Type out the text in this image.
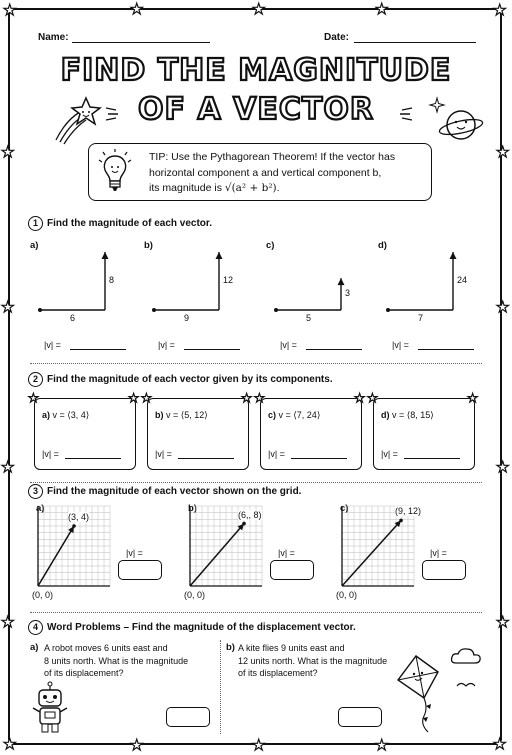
★	★	★	★	★
★
★
★
★
★
★
★
★
★	★	★	★	★
Name:	Date:
FIND THE MAGNITUDE
OF A VECTOR
TIP: Use the Pythagorean Theorem! If the vector has
horizontal component a and vertical component b,
its magnitude is √(a² + b²).
1 Find the magnitude of each vector.
a)
6
8
|v| =
b)
9
12
|v| =
c)
5
3
|v| =
d)
7
24
|v| =
2 Find the magnitude of each vector given by its components.
★	★
a) v = ⟨3, 4⟩
|v| =
★	★
b) v = ⟨5, 12⟩
|v| =
★	★
c) v = ⟨7, 24⟩
|v| =
★	★
d) v = ⟨8, 15⟩
|v| =
3 Find the magnitude of each vector shown on the grid.
a)
(3, 4)
(0, 0)
|v| =
b)
(6,, 8)
(0, 0)
|v| =
c)	(9, 12)
(0, 0)
|v| =
4 Word Problems – Find the magnitude of the displacement vector.
a) A robot moves 6 units east and
8 units north. What is the magnitude
of its displacement?
b) A kite flies 9 units east and
12 units north. What is the magnitude
of its displacement?
